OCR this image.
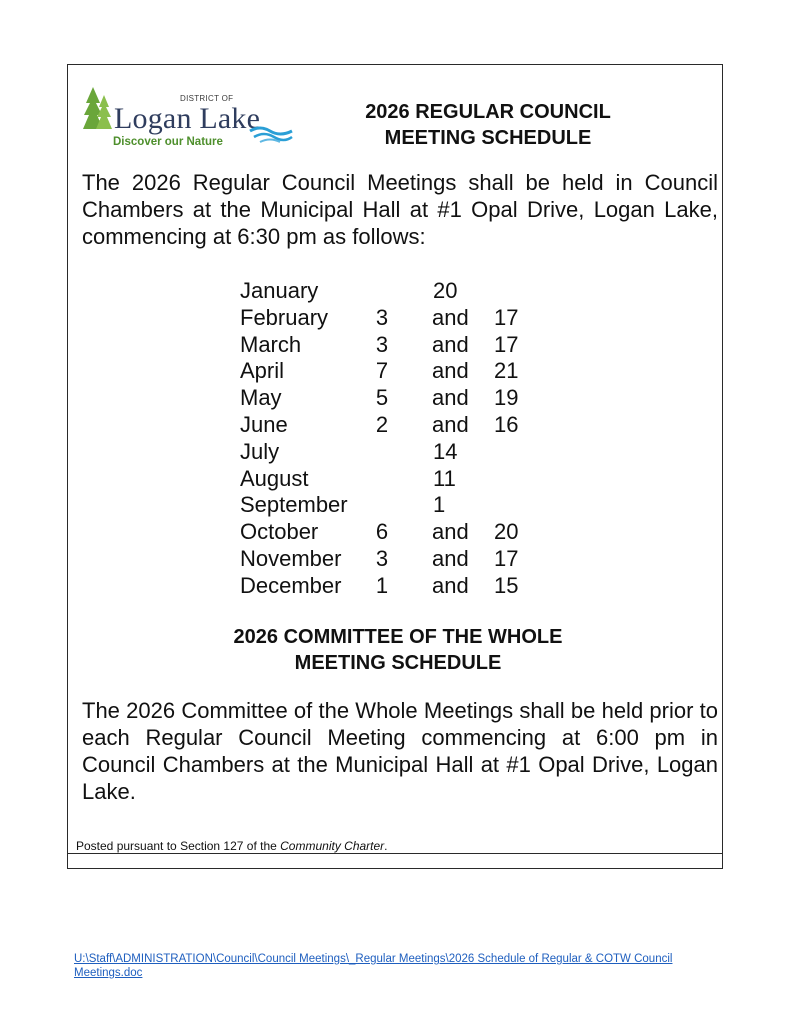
DISTRICT OF
Logan Lake
Discover our Nature
2026 REGULAR COUNCIL
MEETING SCHEDULE
The 2026 Regular Council Meetings shall be held in Council Chambers at the Municipal Hall at #1 Opal Drive, Logan Lake, commencing at 6:30 pm as follows:
January	20
February 3 and 17
March	3 and 17
April	7 and 21
May	5 and 19
June	2 and 16
July	14
August	11
September	1
October	6 and 20
November 3 and 17
December 1 and 15
2026 COMMITTEE OF THE WHOLE
MEETING SCHEDULE
The 2026 Committee of the Whole Meetings shall be held prior to each Regular Council Meeting commencing at 6:00 pm in Council Chambers at the Municipal Hall at #1 Opal Drive, Logan Lake.
Posted pursuant to Section 127 of the Community Charter.
U:\Staff\ADMINISTRATION\Council\Council Meetings\_Regular Meetings\2026 Schedule of Regular & COTW Council Meetings.doc
